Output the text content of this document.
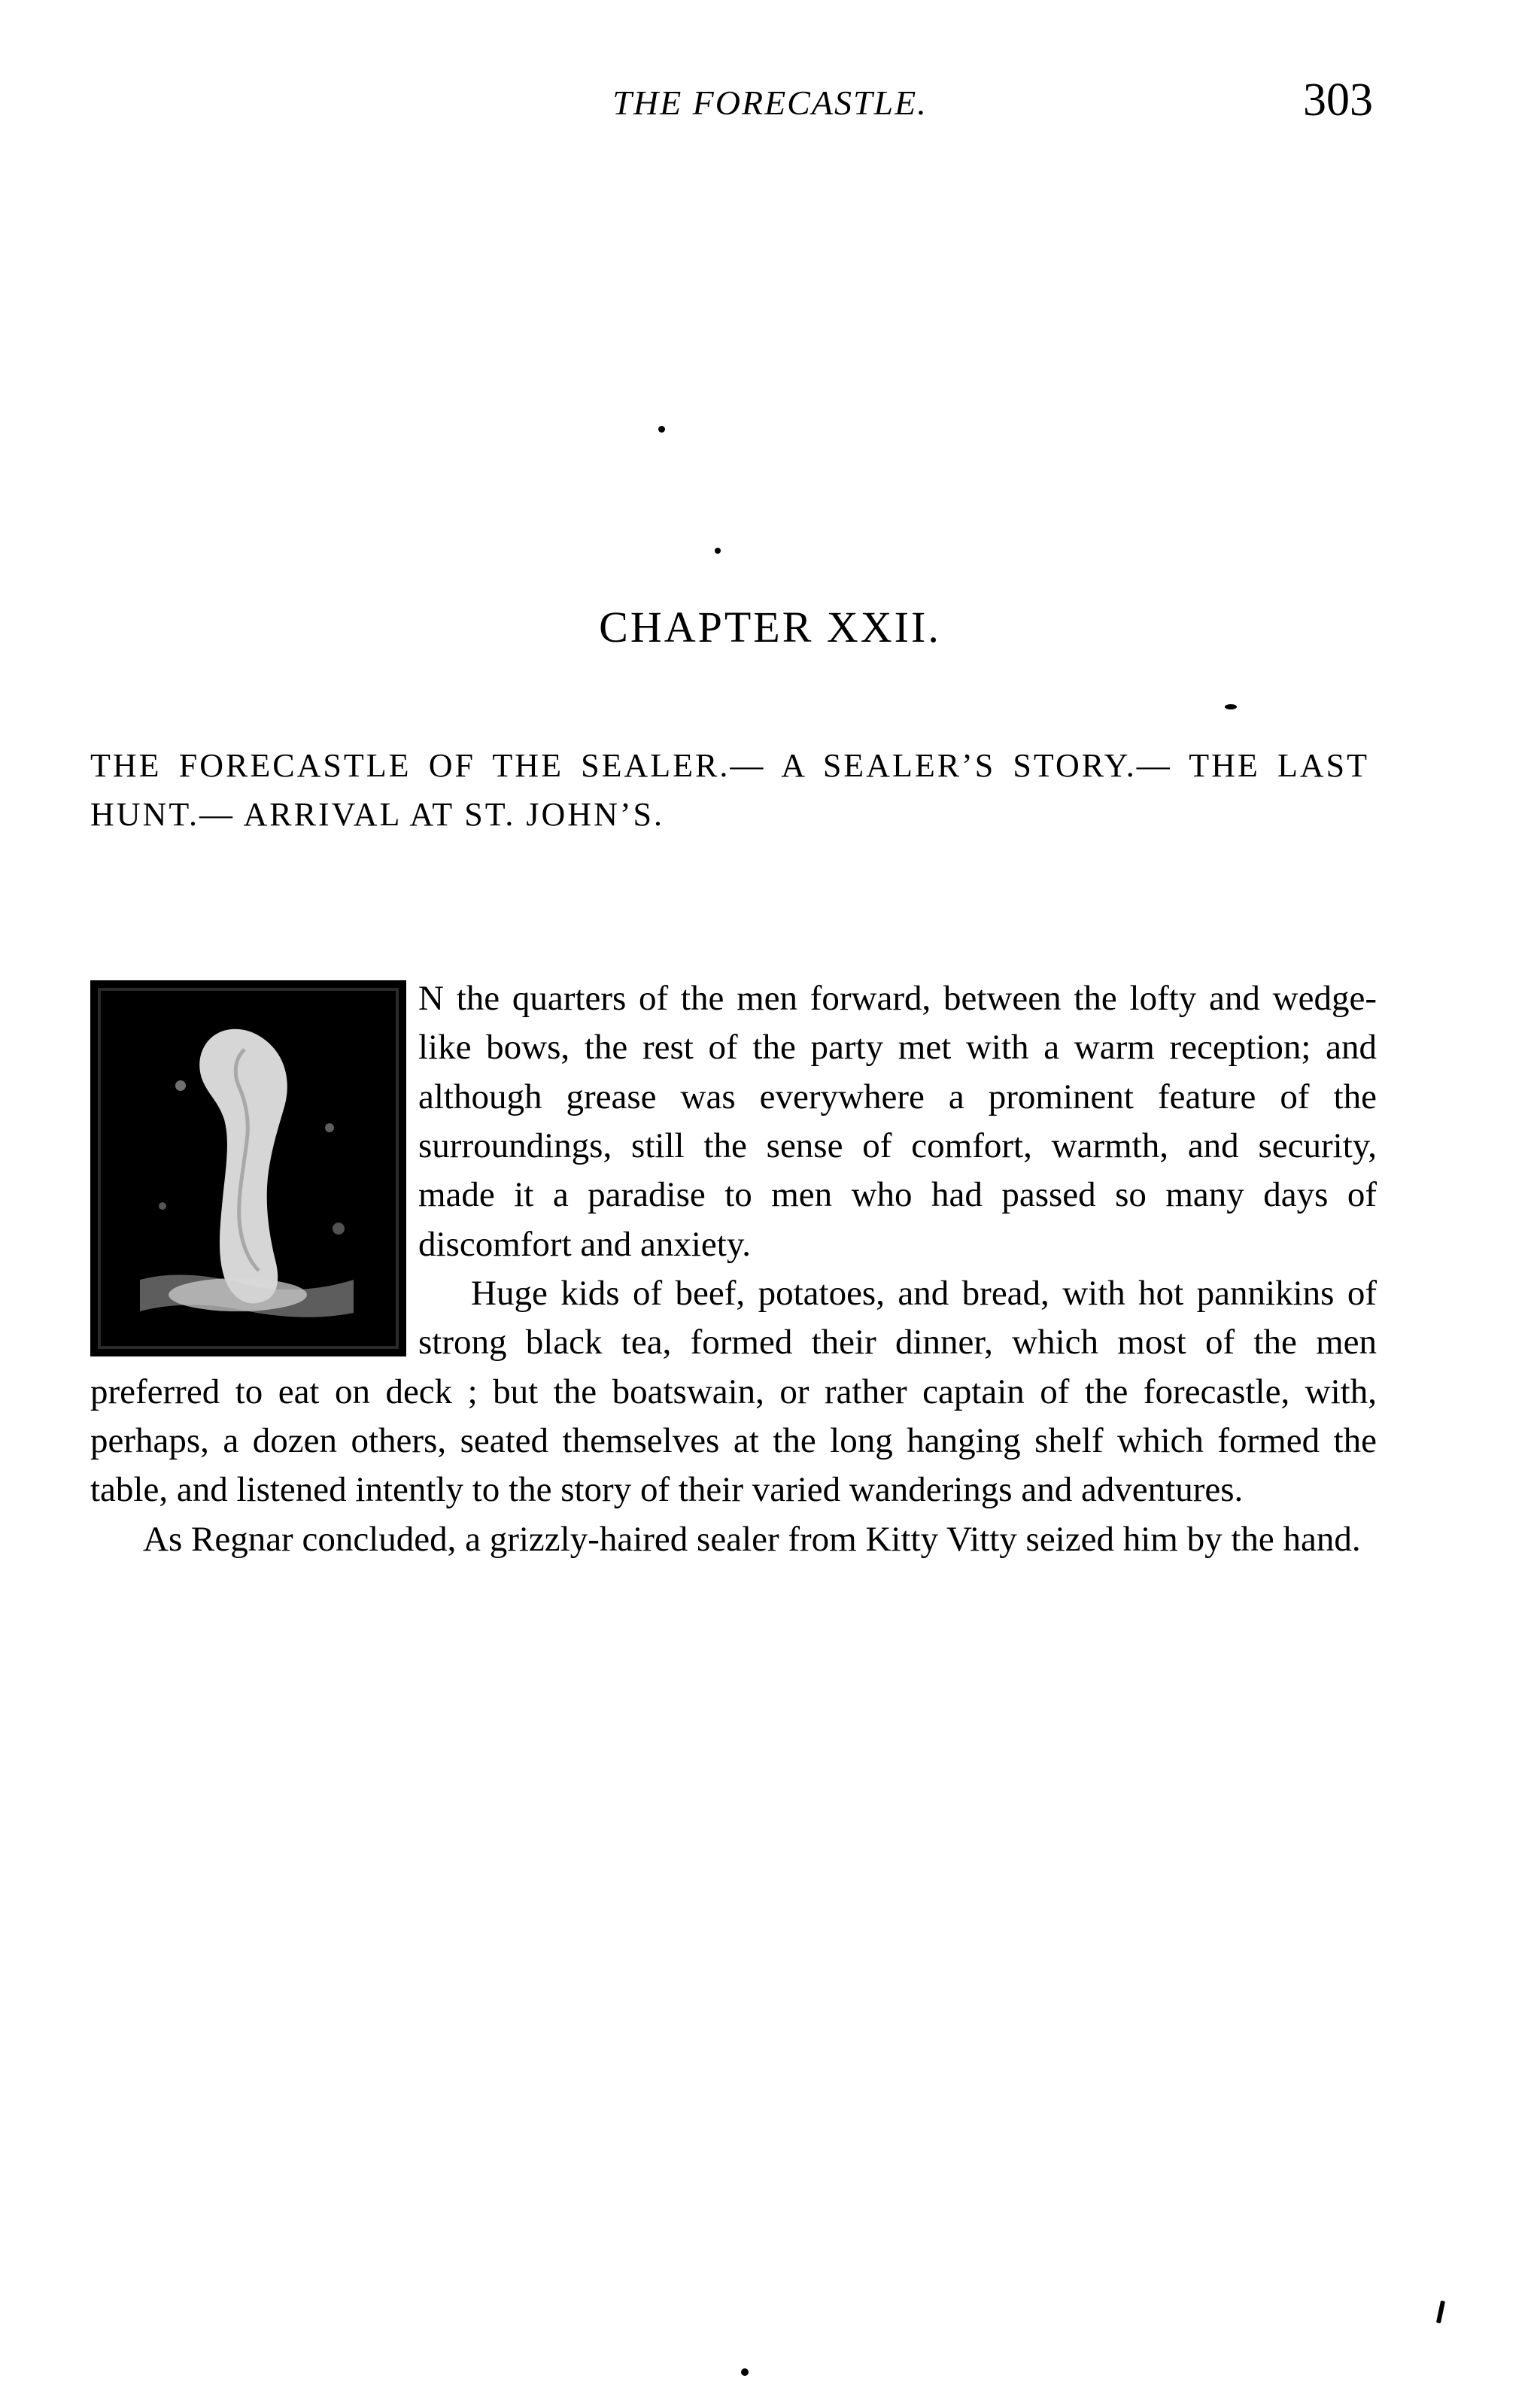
THE FORECASTLE.	303
CHAPTER XXII.
THE FORECASTLE OF THE SEALER.— A SEALER’S STORY.— THE LAST HUNT.— ARRIVAL AT ST. JOHN’S.

N the quarters of the men forward, between the lofty and wedge-like bows, the rest of the party met with a warm reception; and although grease was everywhere a prominent feature of the surroundings, still the sense of comfort, warmth, and security, made it a paradise to men who had passed so many days of discomfort and anxiety.

Huge kids of beef, potatoes, and bread, with hot pannikins of strong black tea, formed their dinner, which most of the men preferred to eat on deck ; but the boatswain, or rather captain of the forecastle, with, perhaps, a dozen others, seated themselves at the long hanging shelf which formed the table, and listened intently to the story of their varied wanderings and adventures.

As Regnar concluded, a grizzly-haired sealer from Kitty Vitty seized him by the hand.
